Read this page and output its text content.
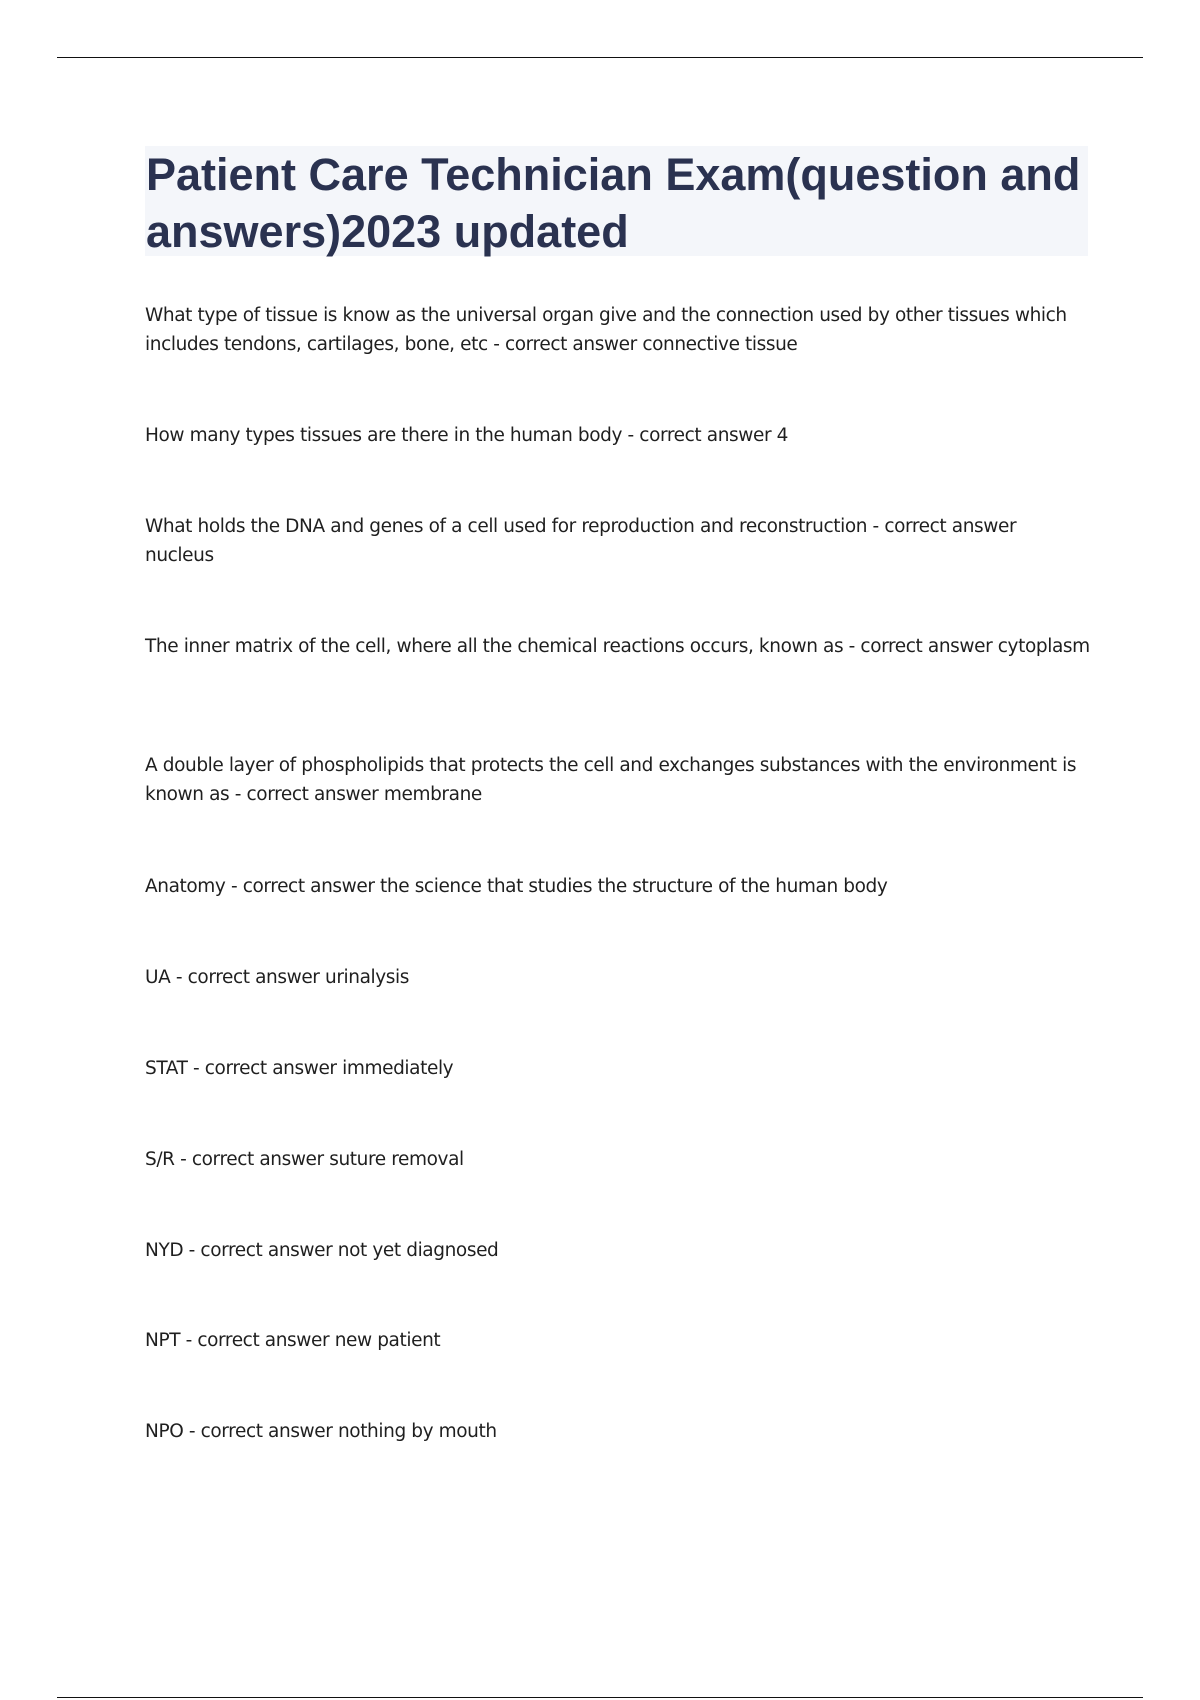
Patient Care Technician Exam(question and answers)2023 updated
What type of tissue is know as the universal organ give and the connection used by other tissues which includes tendons, cartilages, bone, etc - correct answer connective tissue
How many types tissues are there in the human body - correct answer 4
What holds the DNA and genes of a cell used for reproduction and reconstruction - correct answer nucleus
The inner matrix of the cell, where all the chemical reactions occurs, known as - correct answer cytoplasm
A double layer of phospholipids that protects the cell and exchanges substances with the environment is known as - correct answer membrane
Anatomy - correct answer the science that studies the structure of the human body
UA - correct answer urinalysis
STAT - correct answer immediately
S/R - correct answer suture removal
NYD - correct answer not yet diagnosed
NPT - correct answer new patient
NPO - correct answer nothing by mouth
